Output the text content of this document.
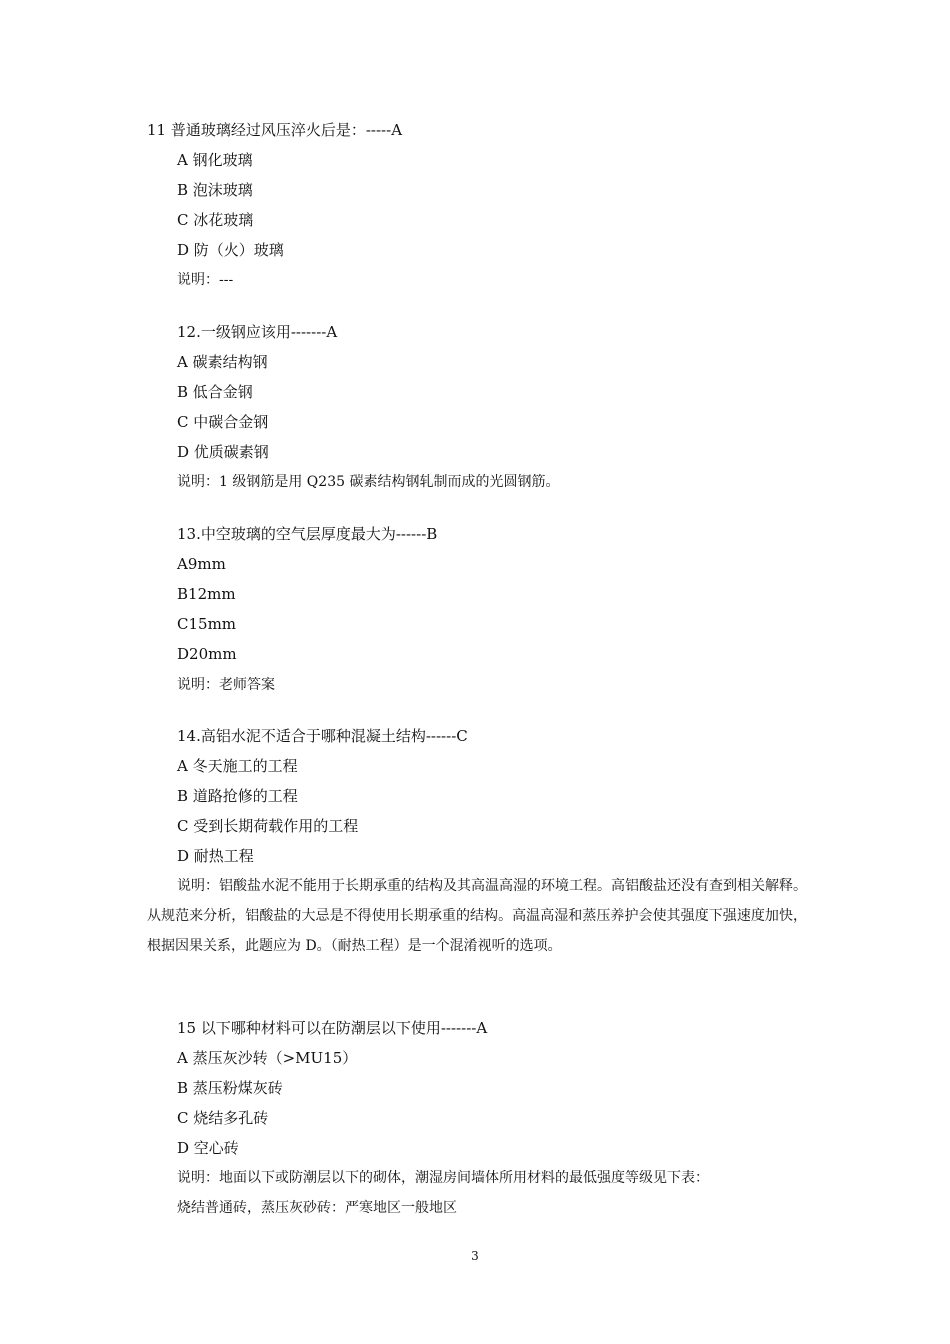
11 普通玻璃经过风压淬火后是：-----A
A 钢化玻璃
B 泡沫玻璃
C 冰花玻璃
D 防（火）玻璃
说明：---
12.一级钢应该用-------A
A 碳素结构钢
B 低合金钢
C 中碳合金钢
D 优质碳素钢
说明：1 级钢筋是用 Q235 碳素结构钢轧制而成的光圆钢筋。
13.中空玻璃的空气层厚度最大为------B
A9mm
B12mm
C15mm
D20mm
说明：老师答案
14.高铝水泥不适合于哪种混凝土结构------C
A 冬天施工的工程
B 道路抢修的工程
C 受到长期荷载作用的工程
D 耐热工程
说明：铝酸盐水泥不能用于长期承重的结构及其高温高湿的环境工程。高铝酸盐还没有查到相关解释。从规范来分析，铝酸盐的大忌是不得使用长期承重的结构。高温高湿和蒸压养护会使其强度下强速度加快，根据因果关系，此题应为 D。（耐热工程）是一个混淆视听的选项。
15 以下哪种材料可以在防潮层以下使用-------A
A 蒸压灰沙转（>MU15）
B 蒸压粉煤灰砖
C 烧结多孔砖
D 空心砖
说明：地面以下或防潮层以下的砌体，潮湿房间墙体所用材料的最低强度等级见下表：
烧结普通砖，蒸压灰砂砖：严寒地区一般地区
3
